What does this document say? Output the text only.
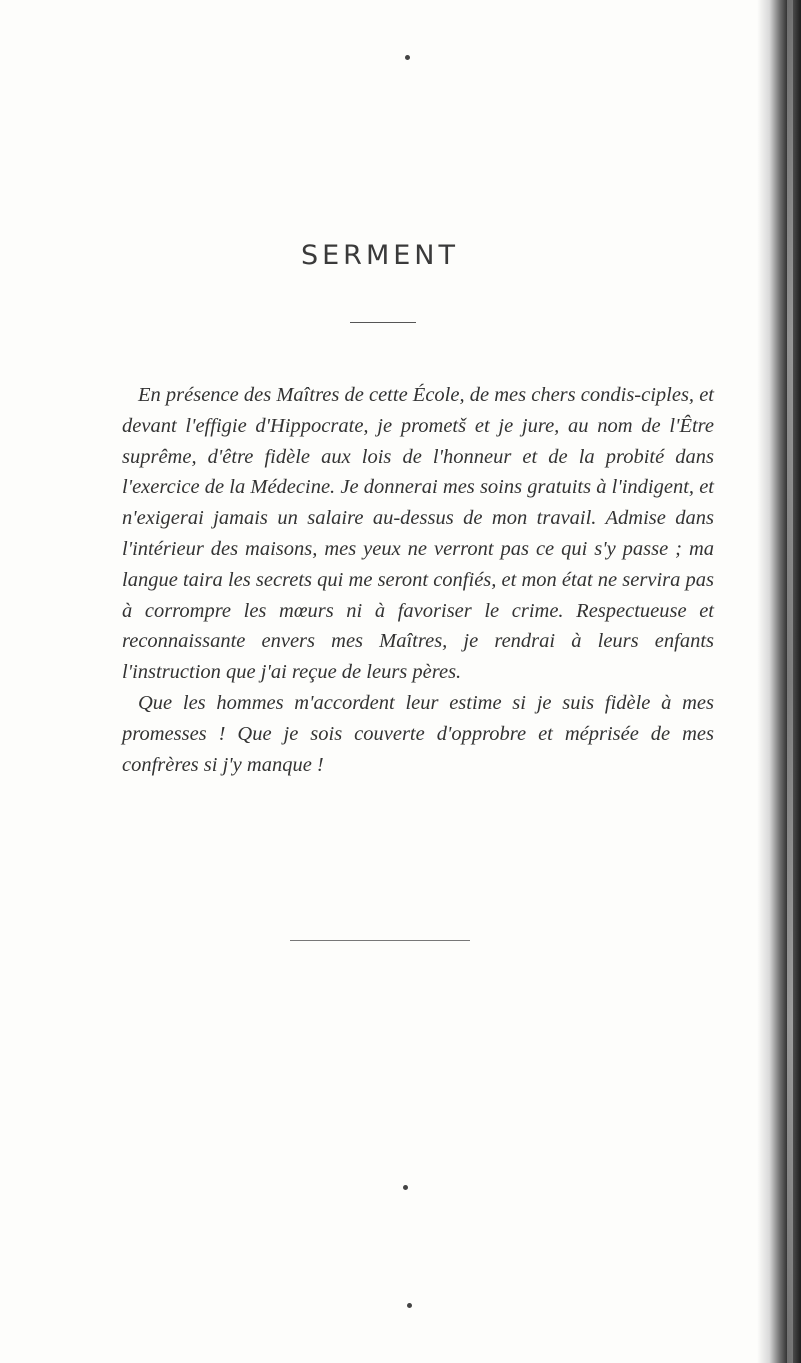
SERMENT

En présence des Maîtres de cette École, de mes chers condis-ciples, et devant l'effigie d'Hippocrate, je prometš et je jure, au nom de l'Être suprême, d'être fidèle aux lois de l'honneur et de la probité dans l'exercice de la Médecine. Je donnerai mes soins gratuits à l'indigent, et n'exigerai jamais un salaire au-dessus de mon travail. Admise dans l'intérieur des maisons, mes yeux ne verront pas ce qui s'y passe ; ma langue taira les secrets qui me seront confiés, et mon état ne servira pas à corrompre les mœurs ni à favoriser le crime. Respectueuse et reconnaissante envers mes Maîtres, je rendrai à leurs enfants l'instruction que j'ai reçue de leurs pères.

Que les hommes m'accordent leur estime si je suis fidèle à mes promesses ! Que je sois couverte d'opprobre et méprisée de mes confrères si j'y manque !
